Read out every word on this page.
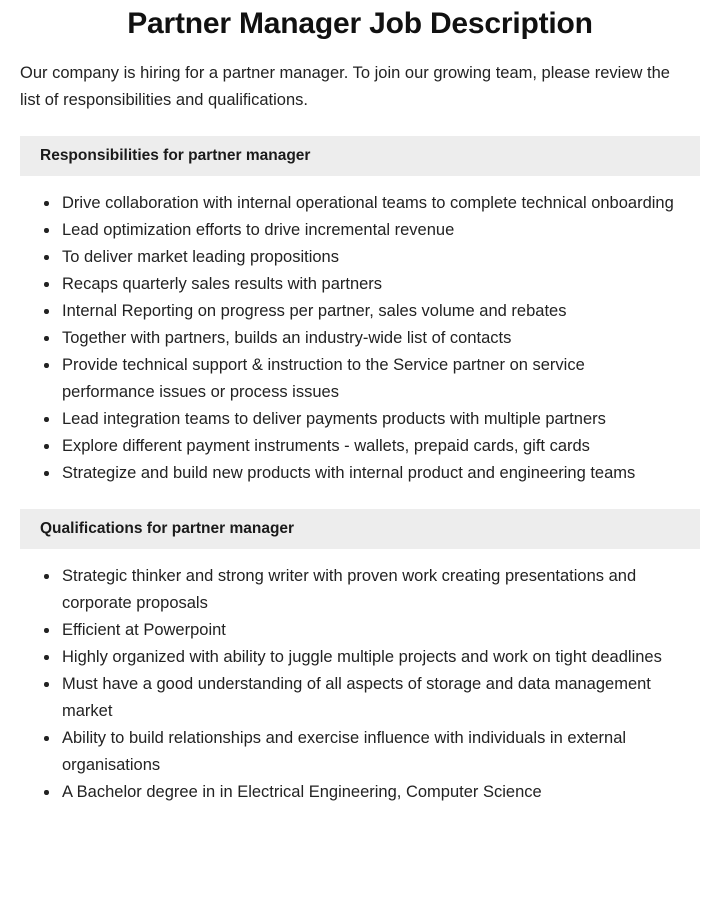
Partner Manager Job Description

Our company is hiring for a partner manager. To join our growing team, please review the list of responsibilities and qualifications.

Responsibilities for partner manager
Drive collaboration with internal operational teams to complete technical onboarding
Lead optimization efforts to drive incremental revenue
To deliver market leading propositions
Recaps quarterly sales results with partners
Internal Reporting on progress per partner, sales volume and rebates
Together with partners, builds an industry-wide list of contacts
Provide technical support & instruction to the Service partner on service performance issues or process issues
Lead integration teams to deliver payments products with multiple partners
Explore different payment instruments - wallets, prepaid cards, gift cards
Strategize and build new products with internal product and engineering teams
Qualifications for partner manager
Strategic thinker and strong writer with proven work creating presentations and corporate proposals
Efficient at Powerpoint
Highly organized with ability to juggle multiple projects and work on tight deadlines
Must have a good understanding of all aspects of storage and data management market
Ability to build relationships and exercise influence with individuals in external organisations
A Bachelor degree in in Electrical Engineering, Computer Science
